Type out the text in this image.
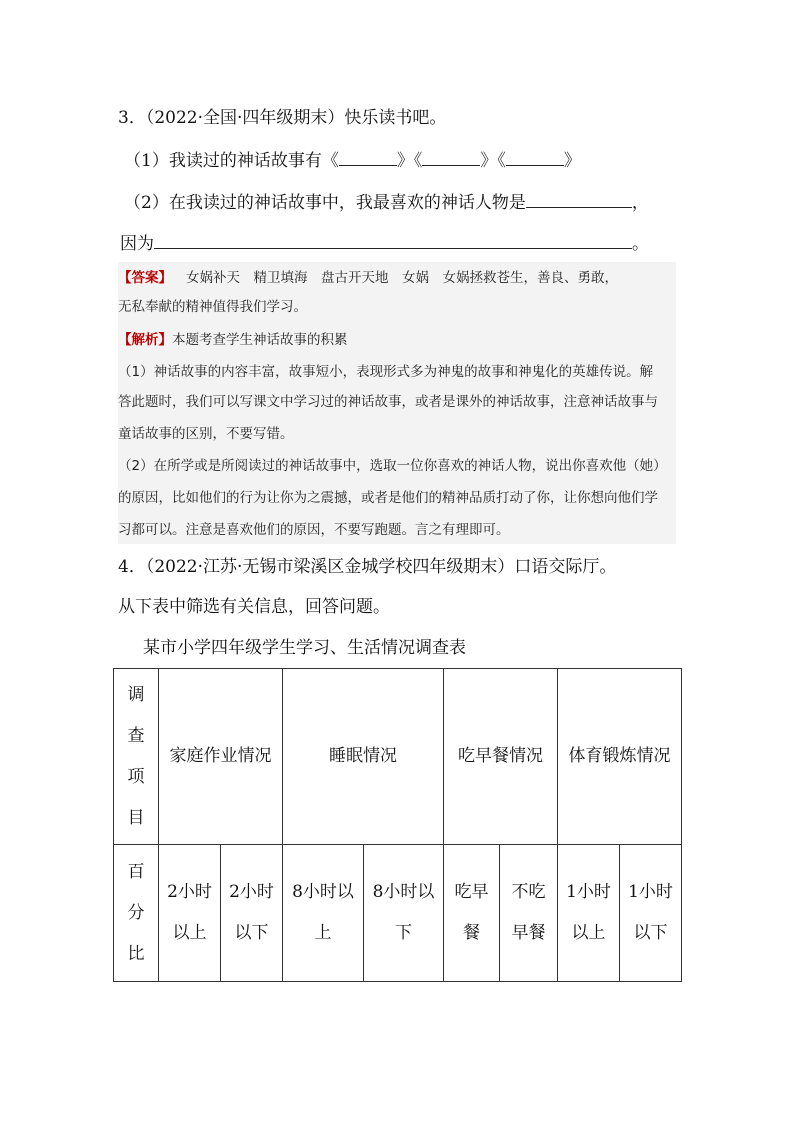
3．（2022·全国·四年级期末）快乐读书吧。
（1）我读过的神话故事有《	》《	》《	》
（2）在我读过的神话故事中，我最喜欢的神话人物是	，
因为	。
【答案】 女娲补天　精卫填海　盘古开天地　女娲　女娲拯救苍生，善良、勇敢，
无私奉献的精神值得我们学习。
【解析】本题考查学生神话故事的积累
（1）神话故事的内容丰富，故事短小，表现形式多为神鬼的故事和神鬼化的英雄传说。解
答此题时，我们可以写课文中学习过的神话故事，或者是课外的神话故事，注意神话故事与
童话故事的区别，不要写错。
（2）在所学或是所阅读过的神话故事中，选取一位你喜欢的神话人物，说出你喜欢他（她）
的原因，比如他们的行为让你为之震撼，或者是他们的精神品质打动了你，让你想向他们学
习都可以。注意是喜欢他们的原因，不要写跑题。言之有理即可。
4．（2022·江苏·无锡市梁溪区金城学校四年级期末）口语交际厅。
从下表中筛选有关信息，回答问题。
某市小学四年级学生学习、生活情况调查表
调查项目	家庭作业情况		睡眠情况		吃早餐情况		体育锻炼情况	
百分比	2小时以上	2小时以下	8小时以上	8小时以下	吃早餐	不吃早餐	1小时以上	1小时以下
